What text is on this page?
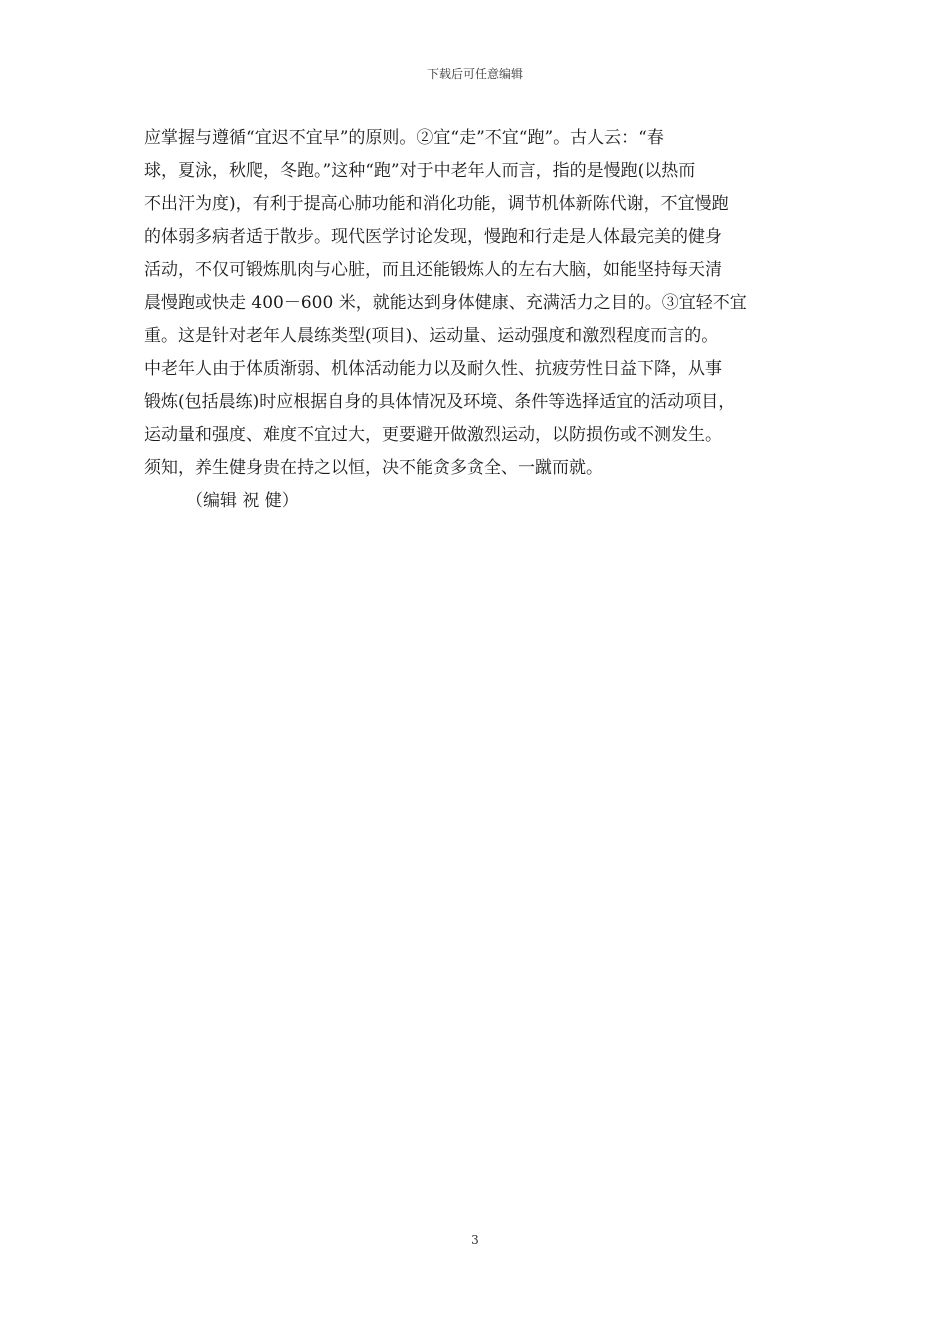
下载后可任意编辑
应掌握与遵循“宜迟不宜早”的原则。②宜“走”不宜“跑”。古人云：“春
球，夏泳，秋爬，冬跑。”这种“跑”对于中老年人而言，指的是慢跑(以热而
不出汗为度)，有利于提高心肺功能和消化功能，调节机体新陈代谢，不宜慢跑
的体弱多病者适于散步。现代医学讨论发现，慢跑和行走是人体最完美的健身
活动，不仅可锻炼肌肉与心脏，而且还能锻炼人的左右大脑，如能坚持每天清
晨慢跑或快走 400－600 米，就能达到身体健康、充满活力之目的。③宜轻不宜
重。这是针对老年人晨练类型(项目)、运动量、运动强度和激烈程度而言的。
中老年人由于体质渐弱、机体活动能力以及耐久性、抗疲劳性日益下降，从事
锻炼(包括晨练)时应根据自身的具体情况及环境、条件等选择适宜的活动项目，
运动量和强度、难度不宜过大，更要避开做激烈运动，以防损伤或不测发生。
须知，养生健身贵在持之以恒，决不能贪多贪全、一蹴而就。
（编辑 祝 健）
3
